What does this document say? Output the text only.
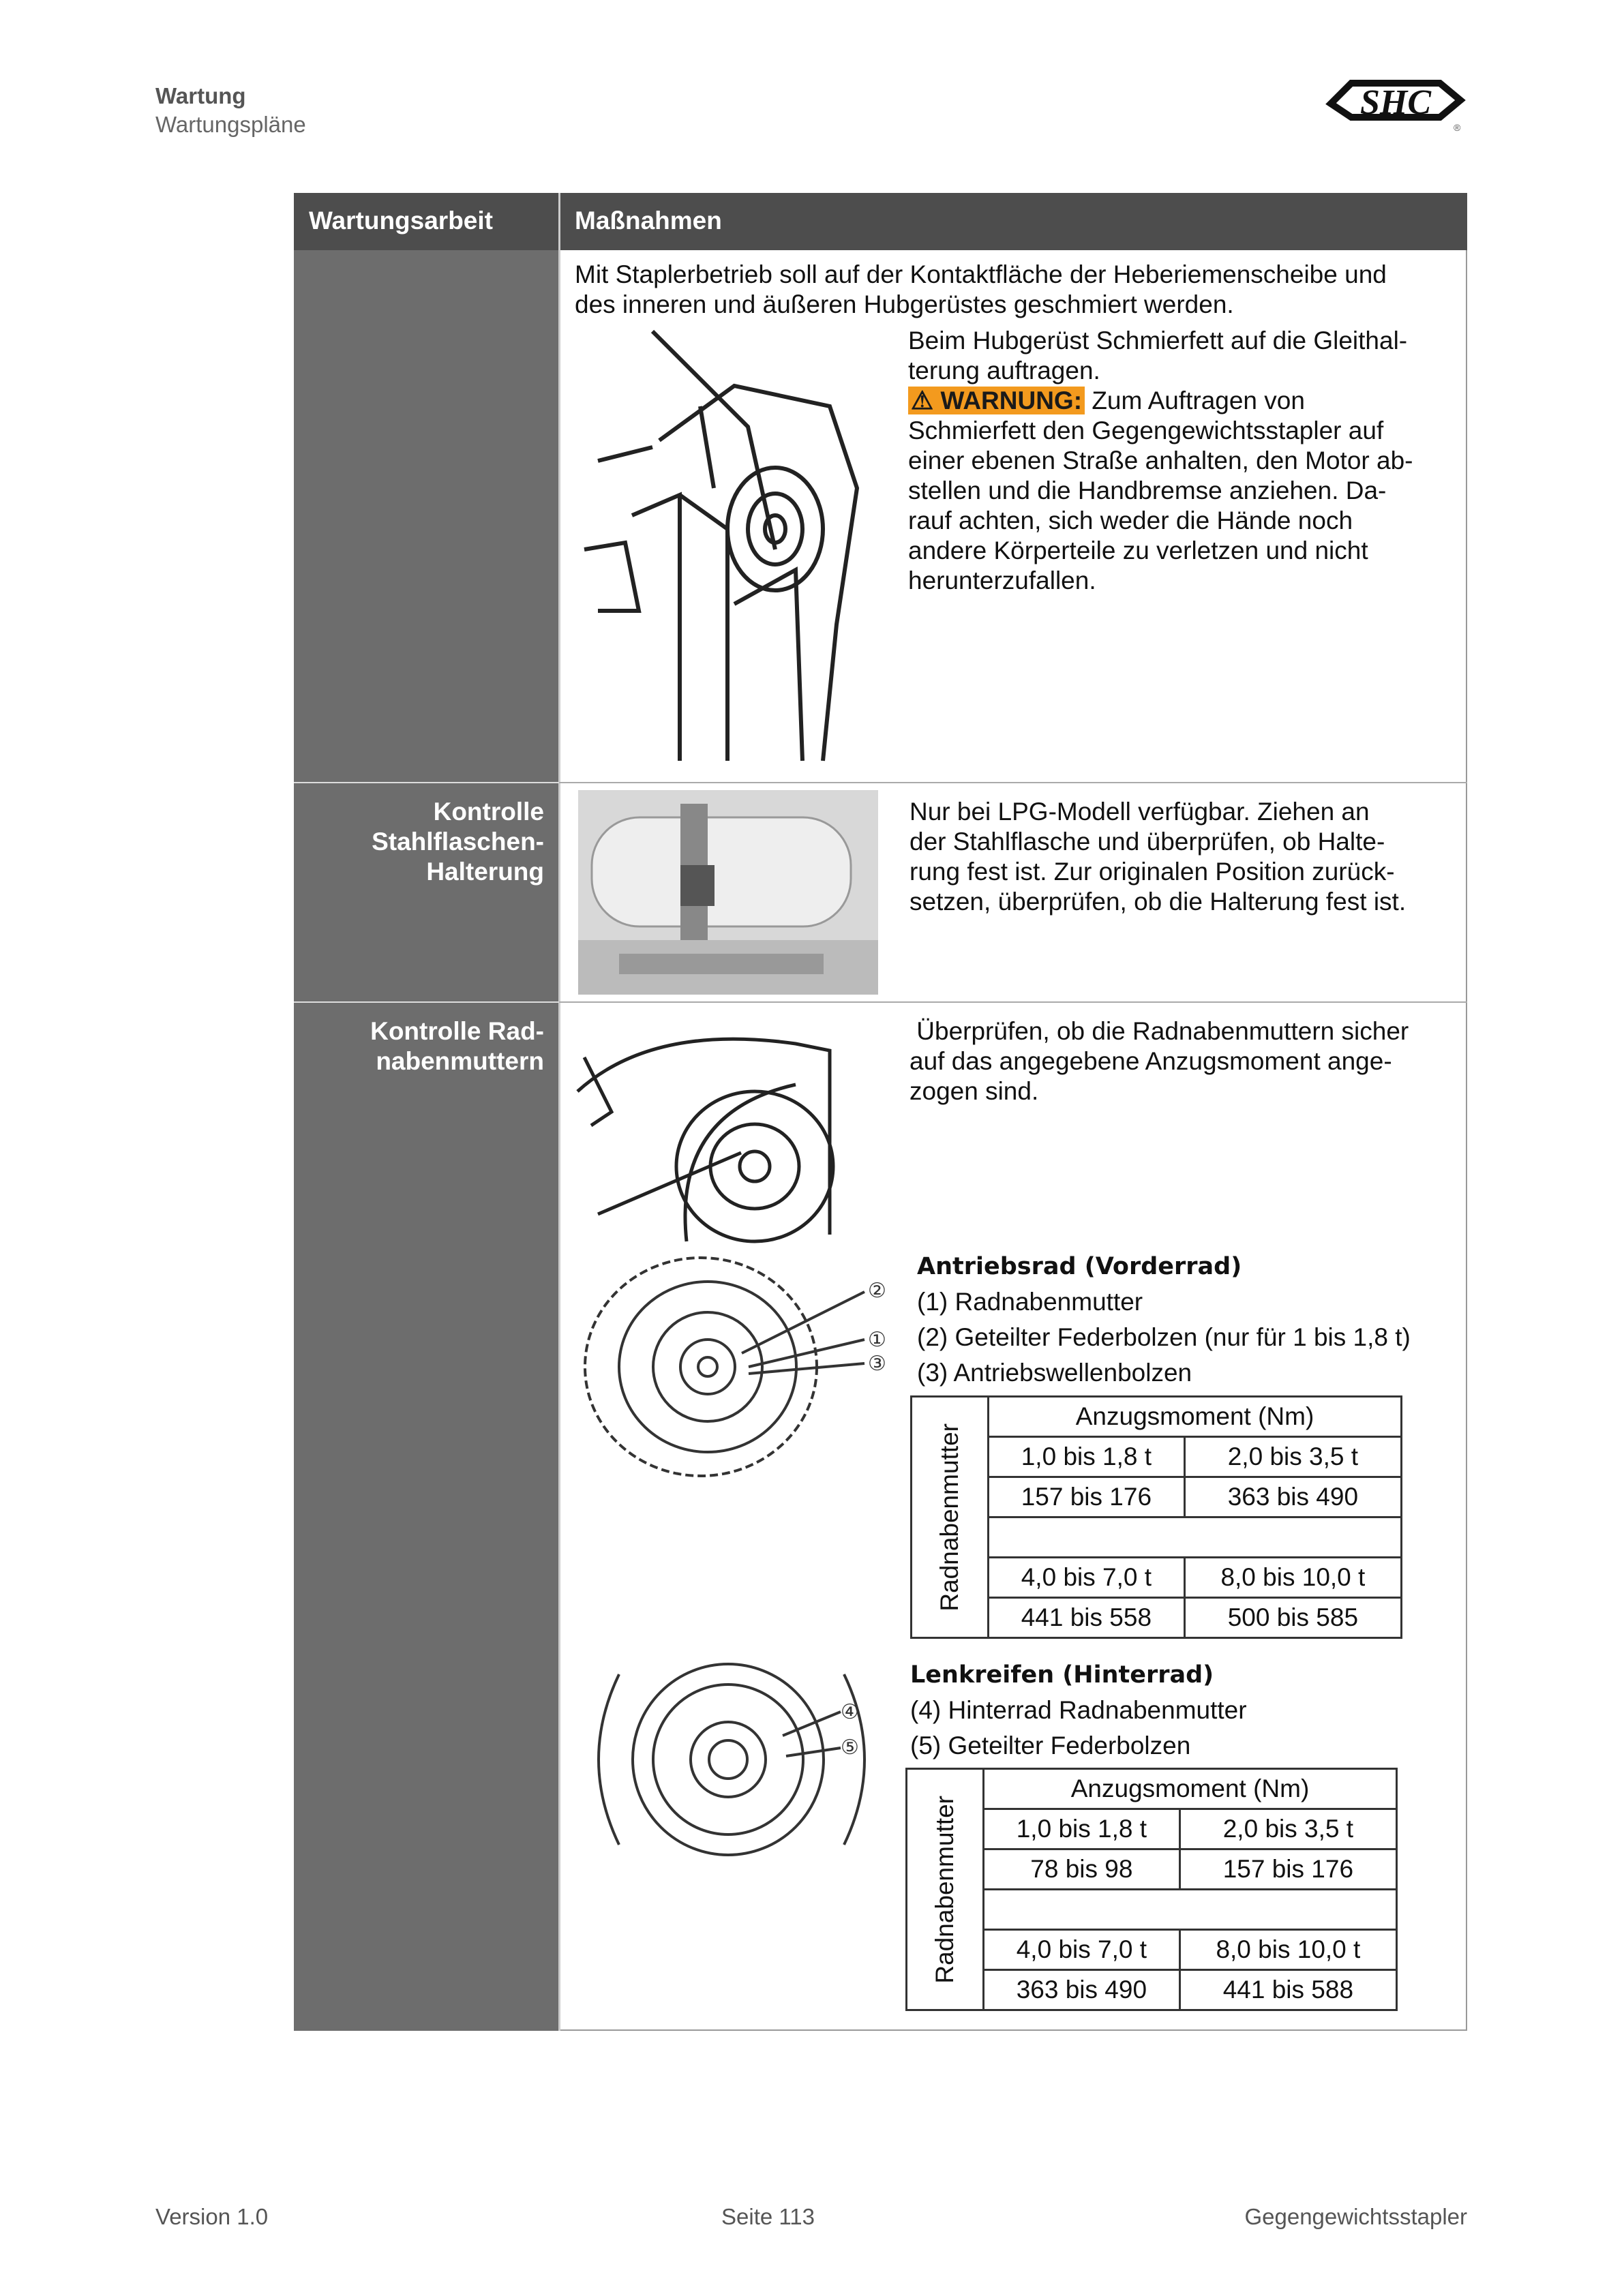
Wartung
Wartungspläne
SHC
®
Wartungsarbeit	Maßnahmen
Mit Staplerbetrieb soll auf der Kontaktfläche der Heberiemenscheibe und
des inneren und äußeren Hubgerüstes geschmiert werden.
Beim Hubgerüst Schmierfett auf die Gleithal-
terung auftragen.
⚠ WARNUNG: Zum Auftragen von
Schmierfett den Gegengewichtsstapler auf
einer ebenen Straße anhalten, den Motor ab-
stellen und die Handbremse anziehen. Da-
rauf achten, sich weder die Hände noch
andere Körperteile zu verletzen und nicht
herunterzufallen.
Kontrolle
Stahlflaschen-
Halterung
Nur bei LPG-Modell verfügbar. Ziehen an
der Stahlflasche und überprüfen, ob Halte-
rung fest ist. Zur originalen Position zurück-
setzen, überprüfen, ob die Halterung fest ist.
Kontrolle Rad-
nabenmuttern
Überprüfen, ob die Radnabenmuttern sicher
auf das angegebene Anzugsmoment ange-
zogen sind.
②
①
③
Antriebsrad (Vorderrad)
(1) Radnabenmutter
(2) Geteilter Federbolzen (nur für 1 bis 1,8 t)
(3) Antriebswellenbolzen
Radnabenmutter	Anzugsmoment (Nm)	
	1,0 bis 1,8 t	2,0 bis 3,5 t
	157 bis 176	363 bis 490

	4,0 bis 7,0 t	8,0 bis 10,0 t
	441 bis 558	500 bis 585
④
⑤
Lenkreifen (Hinterrad)
(4) Hinterrad Radnabenmutter
(5) Geteilter Federbolzen
Radnabenmutter	Anzugsmoment (Nm)	
	1,0 bis 1,8 t	2,0 bis 3,5 t
	78 bis 98	157 bis 176

	4,0 bis 7,0 t	8,0 bis 10,0 t
	363 bis 490	441 bis 588
Version 1.0	Seite 113	Gegengewichtsstapler
